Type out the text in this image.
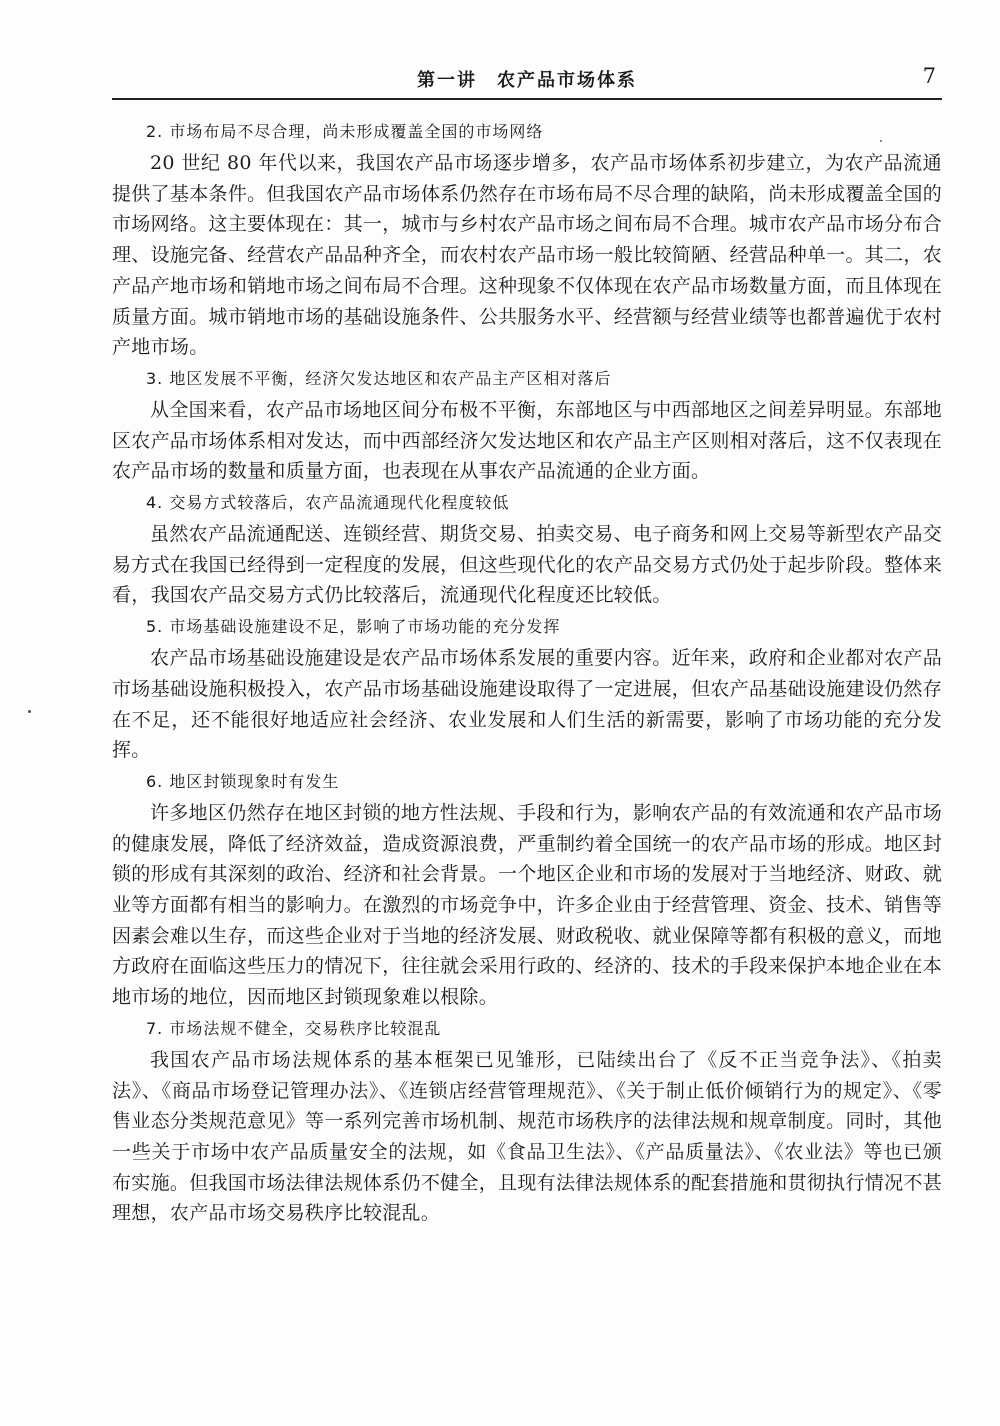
第一讲　农产品市场体系	7

2. 市场布局不尽合理，尚未形成覆盖全国的市场网络

20 世纪 80 年代以来，我国农产品市场逐步增多，农产品市场体系初步建立，为农产品流通提供了基本条件。但我国农产品市场体系仍然存在市场布局不尽合理的缺陷，尚未形成覆盖全国的市场网络。这主要体现在：其一，城市与乡村农产品市场之间布局不合理。城市农产品市场分布合理、设施完备、经营农产品品种齐全，而农村农产品市场一般比较简陋、经营品种单一。其二，农产品产地市场和销地市场之间布局不合理。这种现象不仅体现在农产品市场数量方面，而且体现在质量方面。城市销地市场的基础设施条件、公共服务水平、经营额与经营业绩等也都普遍优于农村产地市场。

3. 地区发展不平衡，经济欠发达地区和农产品主产区相对落后

从全国来看，农产品市场地区间分布极不平衡，东部地区与中西部地区之间差异明显。东部地区农产品市场体系相对发达，而中西部经济欠发达地区和农产品主产区则相对落后，这不仅表现在农产品市场的数量和质量方面，也表现在从事农产品流通的企业方面。

4. 交易方式较落后，农产品流通现代化程度较低

虽然农产品流通配送、连锁经营、期货交易、拍卖交易、电子商务和网上交易等新型农产品交易方式在我国已经得到一定程度的发展，但这些现代化的农产品交易方式仍处于起步阶段。整体来看，我国农产品交易方式仍比较落后，流通现代化程度还比较低。

5. 市场基础设施建设不足，影响了市场功能的充分发挥

农产品市场基础设施建设是农产品市场体系发展的重要内容。近年来，政府和企业都对农产品市场基础设施积极投入，农产品市场基础设施建设取得了一定进展，但农产品基础设施建设仍然存在不足，还不能很好地适应社会经济、农业发展和人们生活的新需要，影响了市场功能的充分发挥。

6. 地区封锁现象时有发生

许多地区仍然存在地区封锁的地方性法规、手段和行为，影响农产品的有效流通和农产品市场的健康发展，降低了经济效益，造成资源浪费，严重制约着全国统一的农产品市场的形成。地区封锁的形成有其深刻的政治、经济和社会背景。一个地区企业和市场的发展对于当地经济、财政、就业等方面都有相当的影响力。在激烈的市场竞争中，许多企业由于经营管理、资金、技术、销售等因素会难以生存，而这些企业对于当地的经济发展、财政税收、就业保障等都有积极的意义，而地方政府在面临这些压力的情况下，往往就会采用行政的、经济的、技术的手段来保护本地企业在本地市场的地位，因而地区封锁现象难以根除。

7. 市场法规不健全，交易秩序比较混乱

我国农产品市场法规体系的基本框架已见雏形，已陆续出台了《反不正当竞争法》、《拍卖法》、《商品市场登记管理办法》、《连锁店经营管理规范》、《关于制止低价倾销行为的规定》、《零售业态分类规范意见》等一系列完善市场机制、规范市场秩序的法律法规和规章制度。同时，其他一些关于市场中农产品质量安全的法规，如《食品卫生法》、《产品质量法》、《农业法》等也已颁布实施。但我国市场法律法规体系仍不健全，且现有法律法规体系的配套措施和贯彻执行情况不甚理想，农产品市场交易秩序比较混乱。
